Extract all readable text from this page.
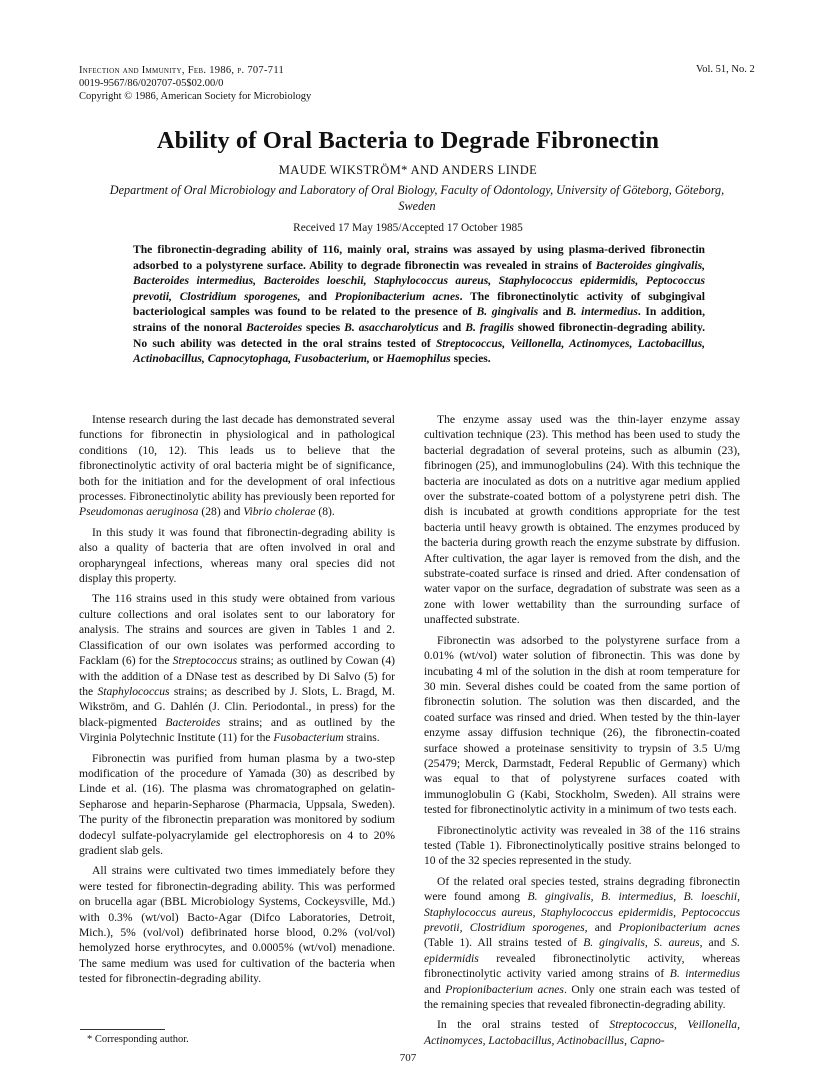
Infection and Immunity, Feb. 1986, p. 707-711
0019-9567/86/020707-05$02.00/0
Copyright © 1986, American Society for Microbiology
Vol. 51, No. 2
Ability of Oral Bacteria to Degrade Fibronectin
MAUDE WIKSTRÖM* AND ANDERS LINDE
Department of Oral Microbiology and Laboratory of Oral Biology, Faculty of Odontology, University of Göteborg, Göteborg, Sweden
Received 17 May 1985/Accepted 17 October 1985
The fibronectin-degrading ability of 116, mainly oral, strains was assayed by using plasma-derived fibronectin adsorbed to a polystyrene surface. Ability to degrade fibronectin was revealed in strains of Bacteroides gingivalis, Bacteroides intermedius, Bacteroides loeschii, Staphylococcus aureus, Staphylococcus epidermidis, Peptococcus prevotii, Clostridium sporogenes, and Propionibacterium acnes. The fibronectinolytic activity of subgingival bacteriological samples was found to be related to the presence of B. gingivalis and B. intermedius. In addition, strains of the nonoral Bacteroides species B. asaccharolyticus and B. fragilis showed fibronectin-degrading ability. No such ability was detected in the oral strains tested of Streptococcus, Veillonella, Actinomyces, Lactobacillus, Actinobacillus, Capnocytophaga, Fusobacterium, or Haemophilus species.

Intense research during the last decade has demonstrated several functions for fibronectin in physiological and in pathological conditions (10, 12). This leads us to believe that the fibronectinolytic activity of oral bacteria might be of significance, both for the initiation and for the development of oral infectious processes. Fibronectinolytic ability has previously been reported for Pseudomonas aeruginosa (28) and Vibrio cholerae (8).

In this study it was found that fibronectin-degrading ability is also a quality of bacteria that are often involved in oral and oropharyngeal infections, whereas many oral species did not display this property.

The 116 strains used in this study were obtained from various culture collections and oral isolates sent to our laboratory for analysis. The strains and sources are given in Tables 1 and 2. Classification of our own isolates was performed according to Facklam (6) for the Streptococcus strains; as outlined by Cowan (4) with the addition of a DNase test as described by Di Salvo (5) for the Staphylococcus strains; as described by J. Slots, L. Bragd, M. Wikström, and G. Dahlén (J. Clin. Periodontal., in press) for the black-pigmented Bacteroides strains; and as outlined by the Virginia Polytechnic Institute (11) for the Fusobacterium strains.

Fibronectin was purified from human plasma by a two-step modification of the procedure of Yamada (30) as described by Linde et al. (16). The plasma was chromatographed on gelatin-Sepharose and heparin-Sepharose (Pharmacia, Uppsala, Sweden). The purity of the fibronectin preparation was monitored by sodium dodecyl sulfate-polyacrylamide gel electrophoresis on 4 to 20% gradient slab gels.

All strains were cultivated two times immediately before they were tested for fibronectin-degrading ability. This was performed on brucella agar (BBL Microbiology Systems, Cockeysville, Md.) with 0.3% (wt/vol) Bacto-Agar (Difco Laboratories, Detroit, Mich.), 5% (vol/vol) defibrinated horse blood, 0.2% (vol/vol) hemolyzed horse erythrocytes, and 0.0005% (wt/vol) menadione. The same medium was used for cultivation of the bacteria when tested for fibronectin-degrading ability.

The enzyme assay used was the thin-layer enzyme assay cultivation technique (23). This method has been used to study the bacterial degradation of several proteins, such as albumin (23), fibrinogen (25), and immunoglobulins (24). With this technique the bacteria are inoculated as dots on a nutritive agar medium applied over the substrate-coated bottom of a polystyrene petri dish. The dish is incubated at growth conditions appropriate for the test bacteria until heavy growth is obtained. The enzymes produced by the bacteria during growth reach the enzyme substrate by diffusion. After cultivation, the agar layer is removed from the dish, and the substrate-coated surface is rinsed and dried. After condensation of water vapor on the surface, degradation of substrate was seen as a zone with lower wettability than the surrounding surface of unaffected substrate.

Fibronectin was adsorbed to the polystyrene surface from a 0.01% (wt/vol) water solution of fibronectin. This was done by incubating 4 ml of the solution in the dish at room temperature for 30 min. Several dishes could be coated from the same portion of fibronectin solution. The solution was then discarded, and the coated surface was rinsed and dried. When tested by the thin-layer enzyme assay diffusion technique (26), the fibronectin-coated surface showed a proteinase sensitivity to trypsin of 3.5 U/mg (25479; Merck, Darmstadt, Federal Republic of Germany) which was equal to that of polystyrene surfaces coated with immunoglobulin G (Kabi, Stockholm, Sweden). All strains were tested for fibronectinolytic activity in a minimum of two tests each.

Fibronectinolytic activity was revealed in 38 of the 116 strains tested (Table 1). Fibronectinolytically positive strains belonged to 10 of the 32 species represented in the study.

Of the related oral species tested, strains degrading fibronectin were found among B. gingivalis, B. intermedius, B. loeschii, Staphylococcus aureus, Staphylococcus epidermidis, Peptococcus prevotii, Clostridium sporogenes, and Propionibacterium acnes (Table 1). All strains tested of B. gingivalis, S. aureus, and S. epidermidis revealed fibronectinolytic activity, whereas fibronectinolytic activity varied among strains of B. intermedius and Propionibacterium acnes. Only one strain each was tested of the remaining species that revealed fibronectin-degrading ability.

In the oral strains tested of Streptococcus, Veillonella, Actinomyces, Lactobacillus, Actinobacillus, Capno-

* Corresponding author.
707
